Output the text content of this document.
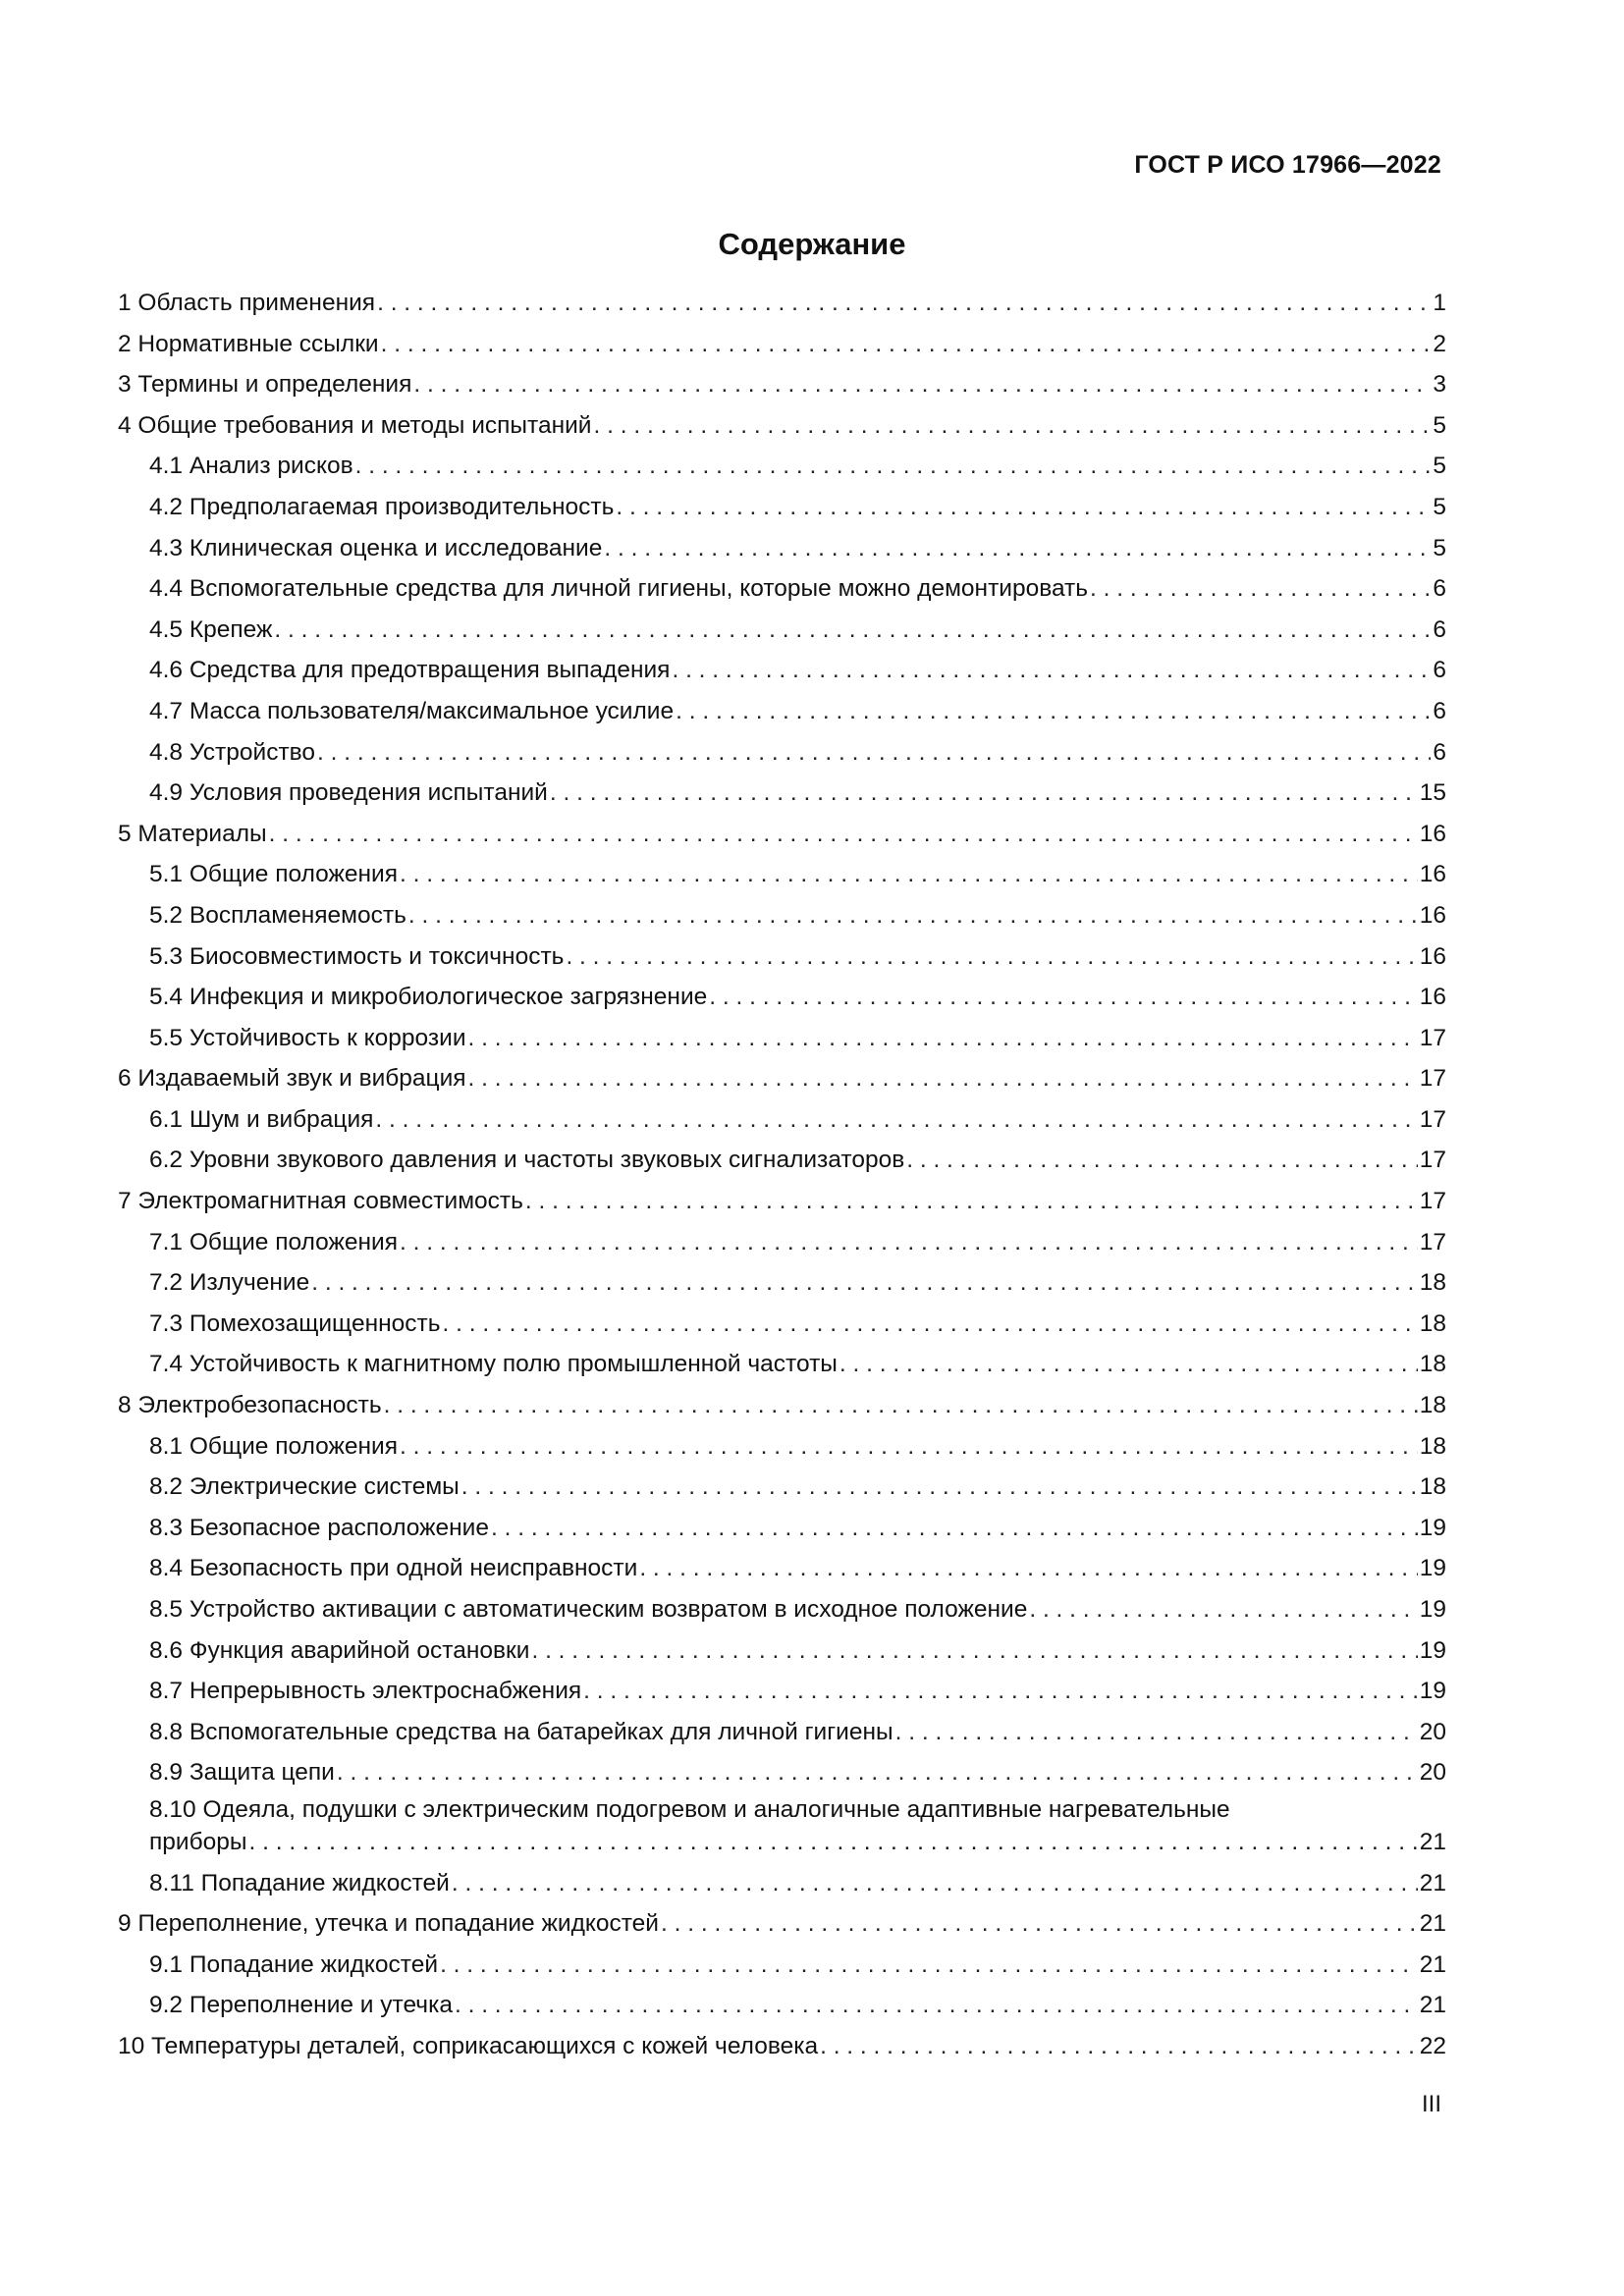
ГОСТ Р ИСО 17966—2022
Содержание
1 Область применения . . .	1
2 Нормативные ссылки . . .	2
3 Термины и определения . . .	3
4 Общие требования и методы испытаний . . .	5
4.1 Анализ рисков . . .	5
4.2 Предполагаемая производительность . . .	5
4.3 Клиническая оценка и исследование . . .	5
4.4 Вспомогательные средства для личной гигиены, которые можно демонтировать . . .	6
4.5 Крепеж . . .	6
4.6 Средства для предотвращения выпадения . . .	6
4.7 Масса пользователя/максимальное усилие . . .	6
4.8 Устройство . . .	6
4.9 Условия проведения испытаний . . .	15
5 Материалы . . .	16
5.1 Общие положения . . .	16
5.2 Воспламеняемость . . .	16
5.3 Биосовместимость и токсичность . . .	16
5.4 Инфекция и микробиологическое загрязнение . . .	16
5.5 Устойчивость к коррозии . . .	17
6 Издаваемый звук и вибрация . . .	17
6.1 Шум и вибрация . . .	17
6.2 Уровни звукового давления и частоты звуковых сигнализаторов . . .	17
7 Электромагнитная совместимость . . .	17
7.1 Общие положения . . .	17
7.2 Излучение . . .	18
7.3 Помехозащищенность . . .	18
7.4 Устойчивость к магнитному полю промышленной частоты . . .	18
8 Электробезопасность . . .	18
8.1 Общие положения . . .	18
8.2 Электрические системы . . .	18
8.3 Безопасное расположение . . .	19
8.4 Безопасность при одной неисправности . . .	19
8.5 Устройство активации с автоматическим возвратом в исходное положение . . .	19
8.6 Функция аварийной остановки . . .	19
8.7 Непрерывность электроснабжения . . .	19
8.8 Вспомогательные средства на батарейках для личной гигиены . . .	20
8.9 Защита цепи . . .	20
8.10 Одеяла, подушки с электрическим подогревом и аналогичные адаптивные нагревательные
приборы . . .	21
8.11 Попадание жидкостей . . .	21
9 Переполнение, утечка и попадание жидкостей . . .	21
9.1 Попадание жидкостей . . .	21
9.2 Переполнение и утечка . . .	21
10 Температуры деталей, соприкасающихся с кожей человека . . .	22
III
